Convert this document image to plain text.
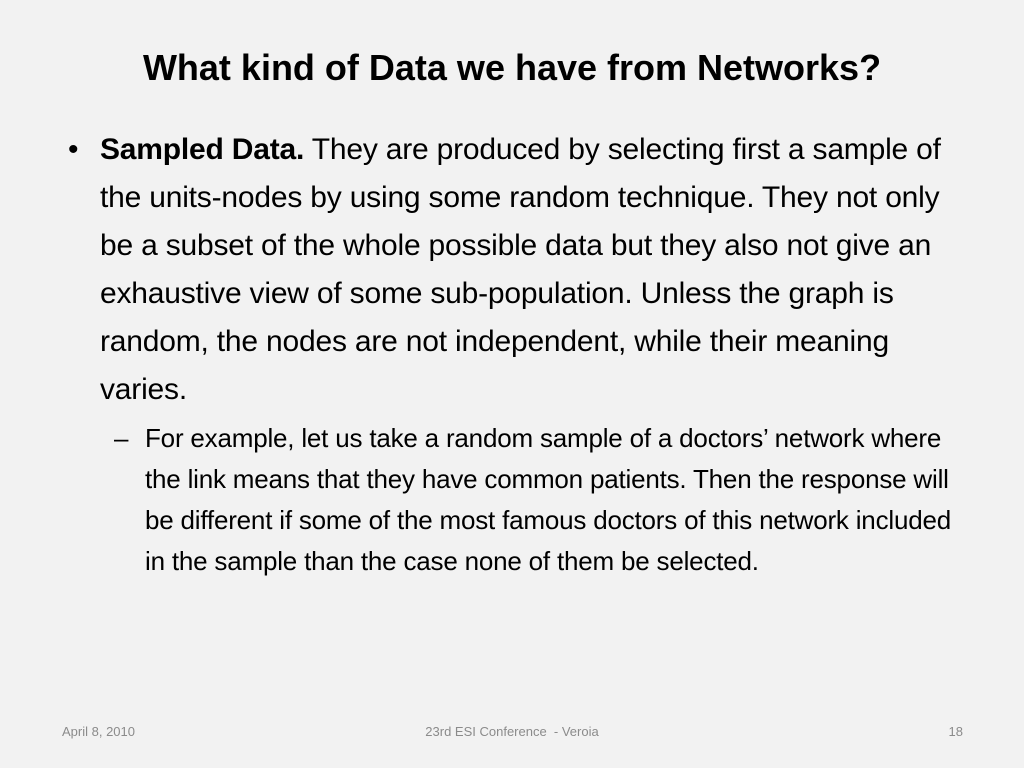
What kind of Data we have from Networks?
• Sampled Data. They are produced by selecting first a sample of the units-nodes by using some random technique. They not only be a subset of the whole possible data but they also not give an exhaustive view of some sub-population. Unless the graph is random, the nodes are not independent, while their meaning varies.
– For example, let us take a random sample of a doctors’ network where the link means that they have common patients. Then the response will be different if some of the most famous doctors of this network included in the sample than the case none of them be selected.
April 8, 2010	23rd ESI Conference  - Veroia	18
